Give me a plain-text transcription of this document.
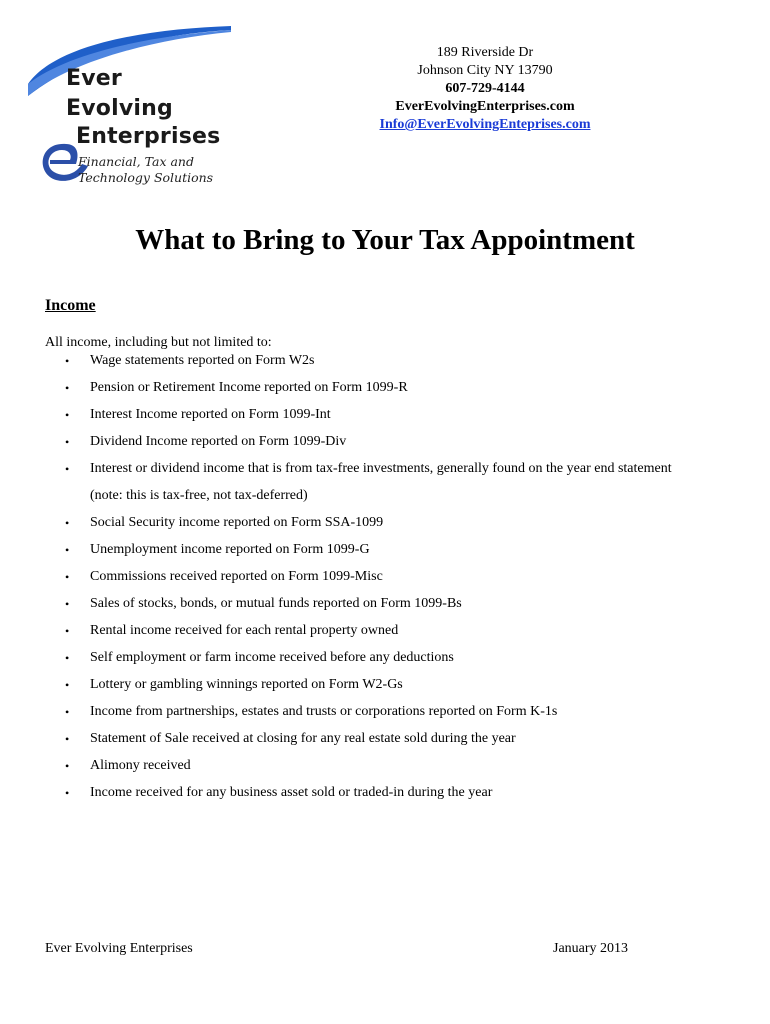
Ever
Evolving
Enterprises
Financial, Tax and
Technology Solutions
189 Riverside Dr
Johnson City NY 13790
607-729-4144
EverEvolvingEnterprises.com
Info@EverEvolvingEnteprises.com
What to Bring to Your Tax Appointment
Income
All income, including but not limited to:
• Wage statements reported on Form W2s
• Pension or Retirement Income reported on Form 1099-R
• Interest Income reported on Form 1099-Int
• Dividend Income reported on Form 1099-Div
• Interest or dividend income that is from tax-free investments, generally found on the year end statement
(note: this is tax-free, not tax-deferred)
• Social Security income reported on Form SSA-1099
• Unemployment income reported on Form 1099-G
• Commissions received reported on Form 1099-Misc
• Sales of stocks, bonds, or mutual funds reported on Form 1099-Bs
• Rental income received for each rental property owned
• Self employment or farm income received before any deductions
• Lottery or gambling winnings reported on Form W2-Gs
• Income from partnerships, estates and trusts or corporations reported on Form K-1s
• Statement of Sale received at closing for any real estate sold during the year
• Alimony received
• Income received for any business asset sold or traded-in during the year
Ever Evolving Enterprises	January 2013
